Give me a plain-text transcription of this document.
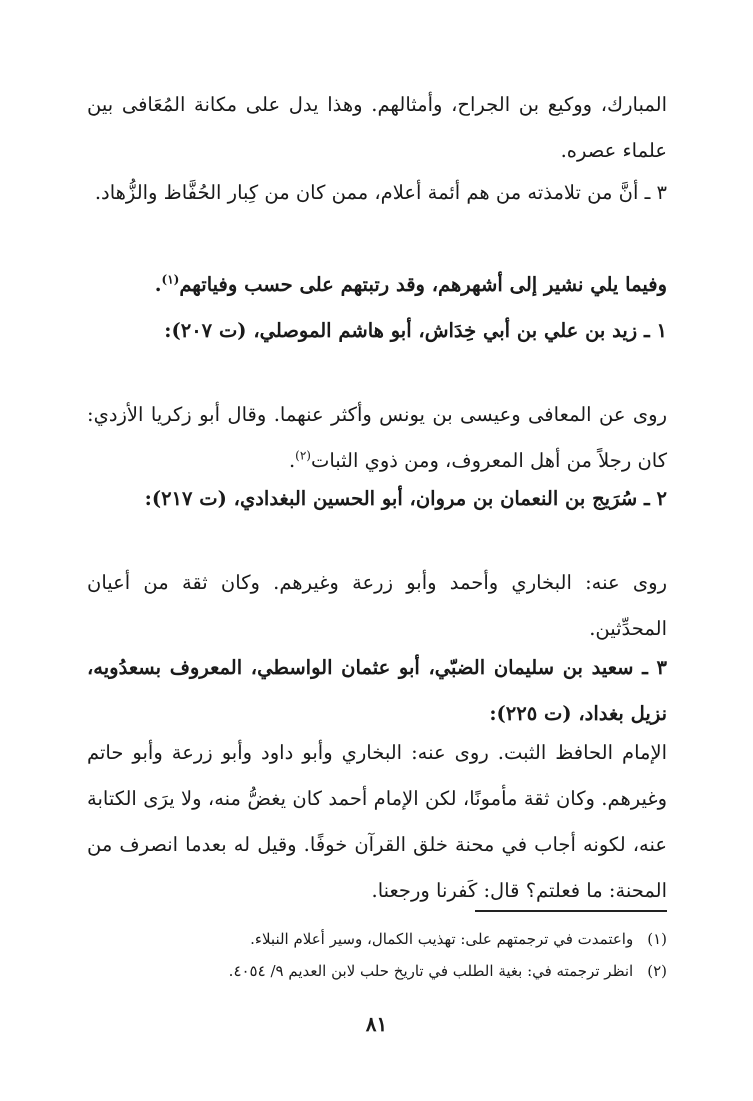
المبارك، ووكيع بن الجراح، وأمثالهم. وهذا يدل على مكانة المُعَافى بين علماء عصره.

٣ ـ أنَّ من تلامذته من هم أئمة أعلام، ممن كان من كِبار الحُفَّاظ والزُّهاد.

وفيما يلي نشير إلى أشهرهم، وقد رتبتهم على حسب وفياتهم$^{(١)}$.

١ ـ زيد بن علي بن أبي خِدَاش، أبو هاشم الموصلي، (ت ٢٠٧):

روى عن المعافى وعيسى بن يونس وأكثر عنهما. وقال أبو زكريا الأزدي: كان رجلاً من أهل المعروف، ومن ذوي الثبات$^{(٢)}$.

٢ ـ سُرَيج بن النعمان بن مروان، أبو الحسين البغدادي، (ت ٢١٧):

روى عنه: البخاري وأحمد وأبو زرعة وغيرهم. وكان ثقة من أعيان المحدِّثين.

٣ ـ سعيد بن سليمان الضبّي، أبو عثمان الواسطي، المعروف بسعدُويه، نزيل بغداد، (ت ٢٢٥):

الإمام الحافظ الثبت. روى عنه: البخاري وأبو داود وأبو زرعة وأبو حاتم وغيرهم. وكان ثقة مأمونًا، لكن الإمام أحمد كان يغضُّ منه، ولا يرَى الكتابة عنه، لكونه أجاب في محنة خلق القرآن خوفًا. وقيل له بعدما انصرف من المحنة: ما فعلتم؟ قال: كَفرنا ورجعنا.

(١)واعتمدت في ترجمتهم على: تهذيب الكمال، وسير أعلام النبلاء.
(٢)انظر ترجمته في: بغية الطلب في تاريخ حلب لابن العديم ٩/ ٤٠٥٤.
٨١
